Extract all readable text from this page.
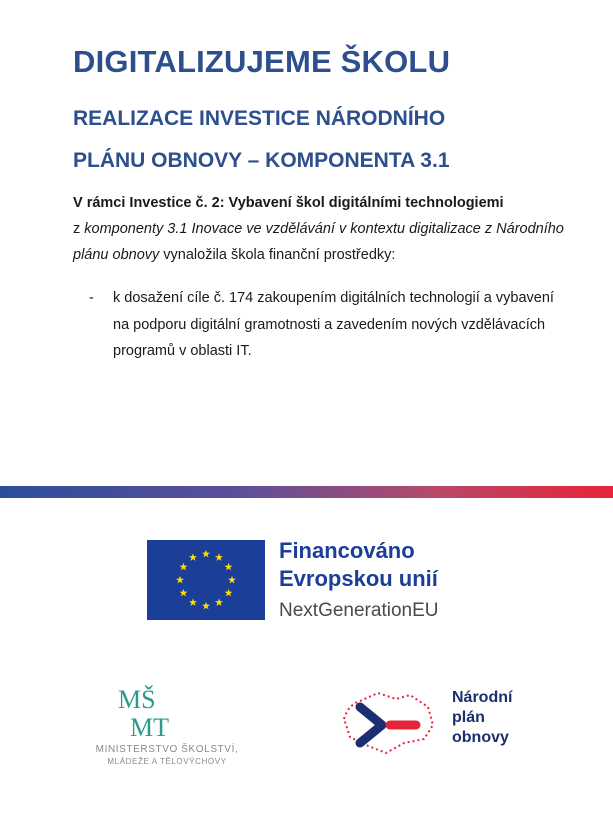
DIGITALIZUJEME ŠKOLU
REALIZACE INVESTICE NÁRODNÍHO
PLÁNU OBNOVY – KOMPONENTA 3.1

V rámci Investice č. 2: Vybavení škol digitálními technologiemi
z komponenty 3.1 Inovace ve vzdělávání v kontextu digitalizace z Národního plánu obnovy vynaložila škola finanční prostředky:

-	k dosažení cíle č. 174 zakoupením digitálních technologií a vybavení na podporu digitální gramotnosti a zavedením nových vzdělávacích programů v oblasti IT.
Financováno
Evropskou unií
NextGenerationEU
MŠ
MT
MINISTERSTVO ŠKOLSTVÍ,
MLÁDEŽE A TĚLOVÝCHOVY
Národní
plán
obnovy
